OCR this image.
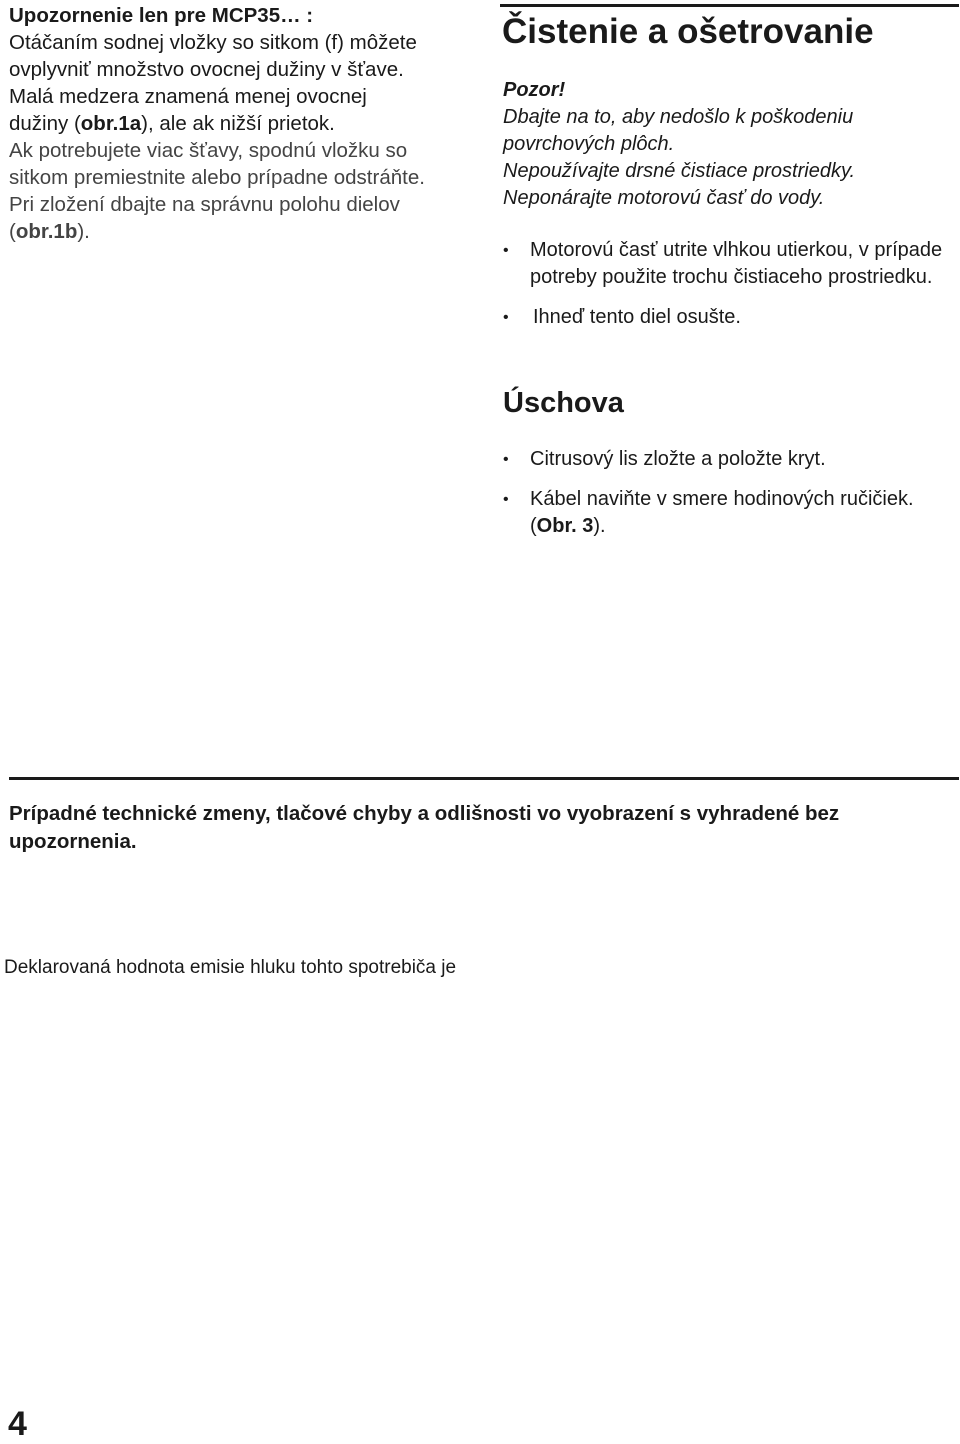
Upozornenie len pre MCP35… :
Otáčaním sodnej vložky so sitkom (f) môžete
ovplyvniť množstvo ovocnej dužiny v šťave.
Malá medzera znamená menej ovocnej
dužiny (obr.1a), ale ak nižší prietok.
Ak potrebujete viac šťavy, spodnú vložku so
sitkom premiestnite alebo prípadne odstráňte.
Pri zložení dbajte na správnu polohu dielov
(obr.1b).
Čistenie a ošetrovanie
Pozor!
Dbajte na to, aby nedošlo k poškodeniu
povrchových plôch.
Nepoužívajte drsné čistiace prostriedky.
Neponárajte motorovú časť do vody.
• Motorovú časť utrite vlhkou utierkou, v prípade potreby použite trochu čistiaceho prostriedku.
• Ihneď tento diel osušte.
Úschova
• Citrusový lis zložte a položte kryt.
• Kábel naviňte v smere hodinových ručičiek. (Obr. 3).
Prípadné technické zmeny, tlačové chyby a odlišnosti vo vyobrazení s vyhradené bez upozornenia.
Deklarovaná hodnota emisie hluku tohto spotrebiča je
4
